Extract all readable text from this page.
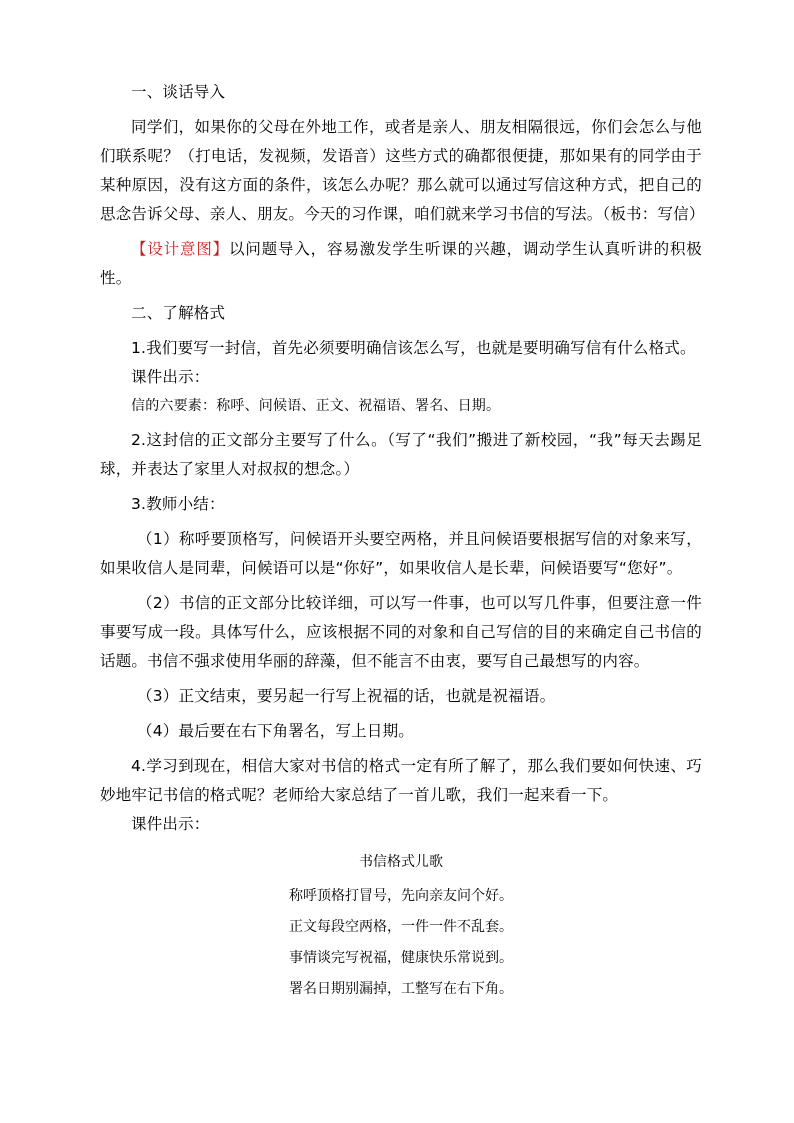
一、谈话导入

同学们，如果你的父母在外地工作，或者是亲人、朋友相隔很远，你们会怎么与他们联系呢？（打电话，发视频，发语音）这些方式的确都很便捷，那如果有的同学由于某种原因，没有这方面的条件，该怎么办呢？那么就可以通过写信这种方式，把自己的思念告诉父母、亲人、朋友。今天的习作课，咱们就来学习书信的写法。（板书：写信）

【设计意图】以问题导入，容易激发学生听课的兴趣，调动学生认真听讲的积极性。

二、了解格式

1.我们要写一封信，首先必须要明确信该怎么写，也就是要明确写信有什么格式。

课件出示：

信的六要素：称呼、问候语、正文、祝福语、署名、日期。

2.这封信的正文部分主要写了什么。（写了“我们”搬进了新校园，“我”每天去踢足球，并表达了家里人对叔叔的想念。）

3.教师小结：

（1）称呼要顶格写，问候语开头要空两格，并且问候语要根据写信的对象来写，如果收信人是同辈，问候语可以是“你好”，如果收信人是长辈，问候语要写“您好”。

（2）书信的正文部分比较详细，可以写一件事，也可以写几件事，但要注意一件事要写成一段。具体写什么，应该根据不同的对象和自己写信的目的来确定自己书信的话题。书信不强求使用华丽的辞藻，但不能言不由衷，要写自己最想写的内容。

（3）正文结束，要另起一行写上祝福的话，也就是祝福语。

（4）最后要在右下角署名，写上日期。

4.学习到现在，相信大家对书信的格式一定有所了解了，那么我们要如何快速、巧妙地牢记书信的格式呢？老师给大家总结了一首儿歌，我们一起来看一下。

课件出示：

书信格式儿歌
称呼顶格打冒号，先向亲友问个好。
正文每段空两格，一件一件不乱套。
事情谈完写祝福，健康快乐常说到。
署名日期别漏掉，工整写在右下角。
